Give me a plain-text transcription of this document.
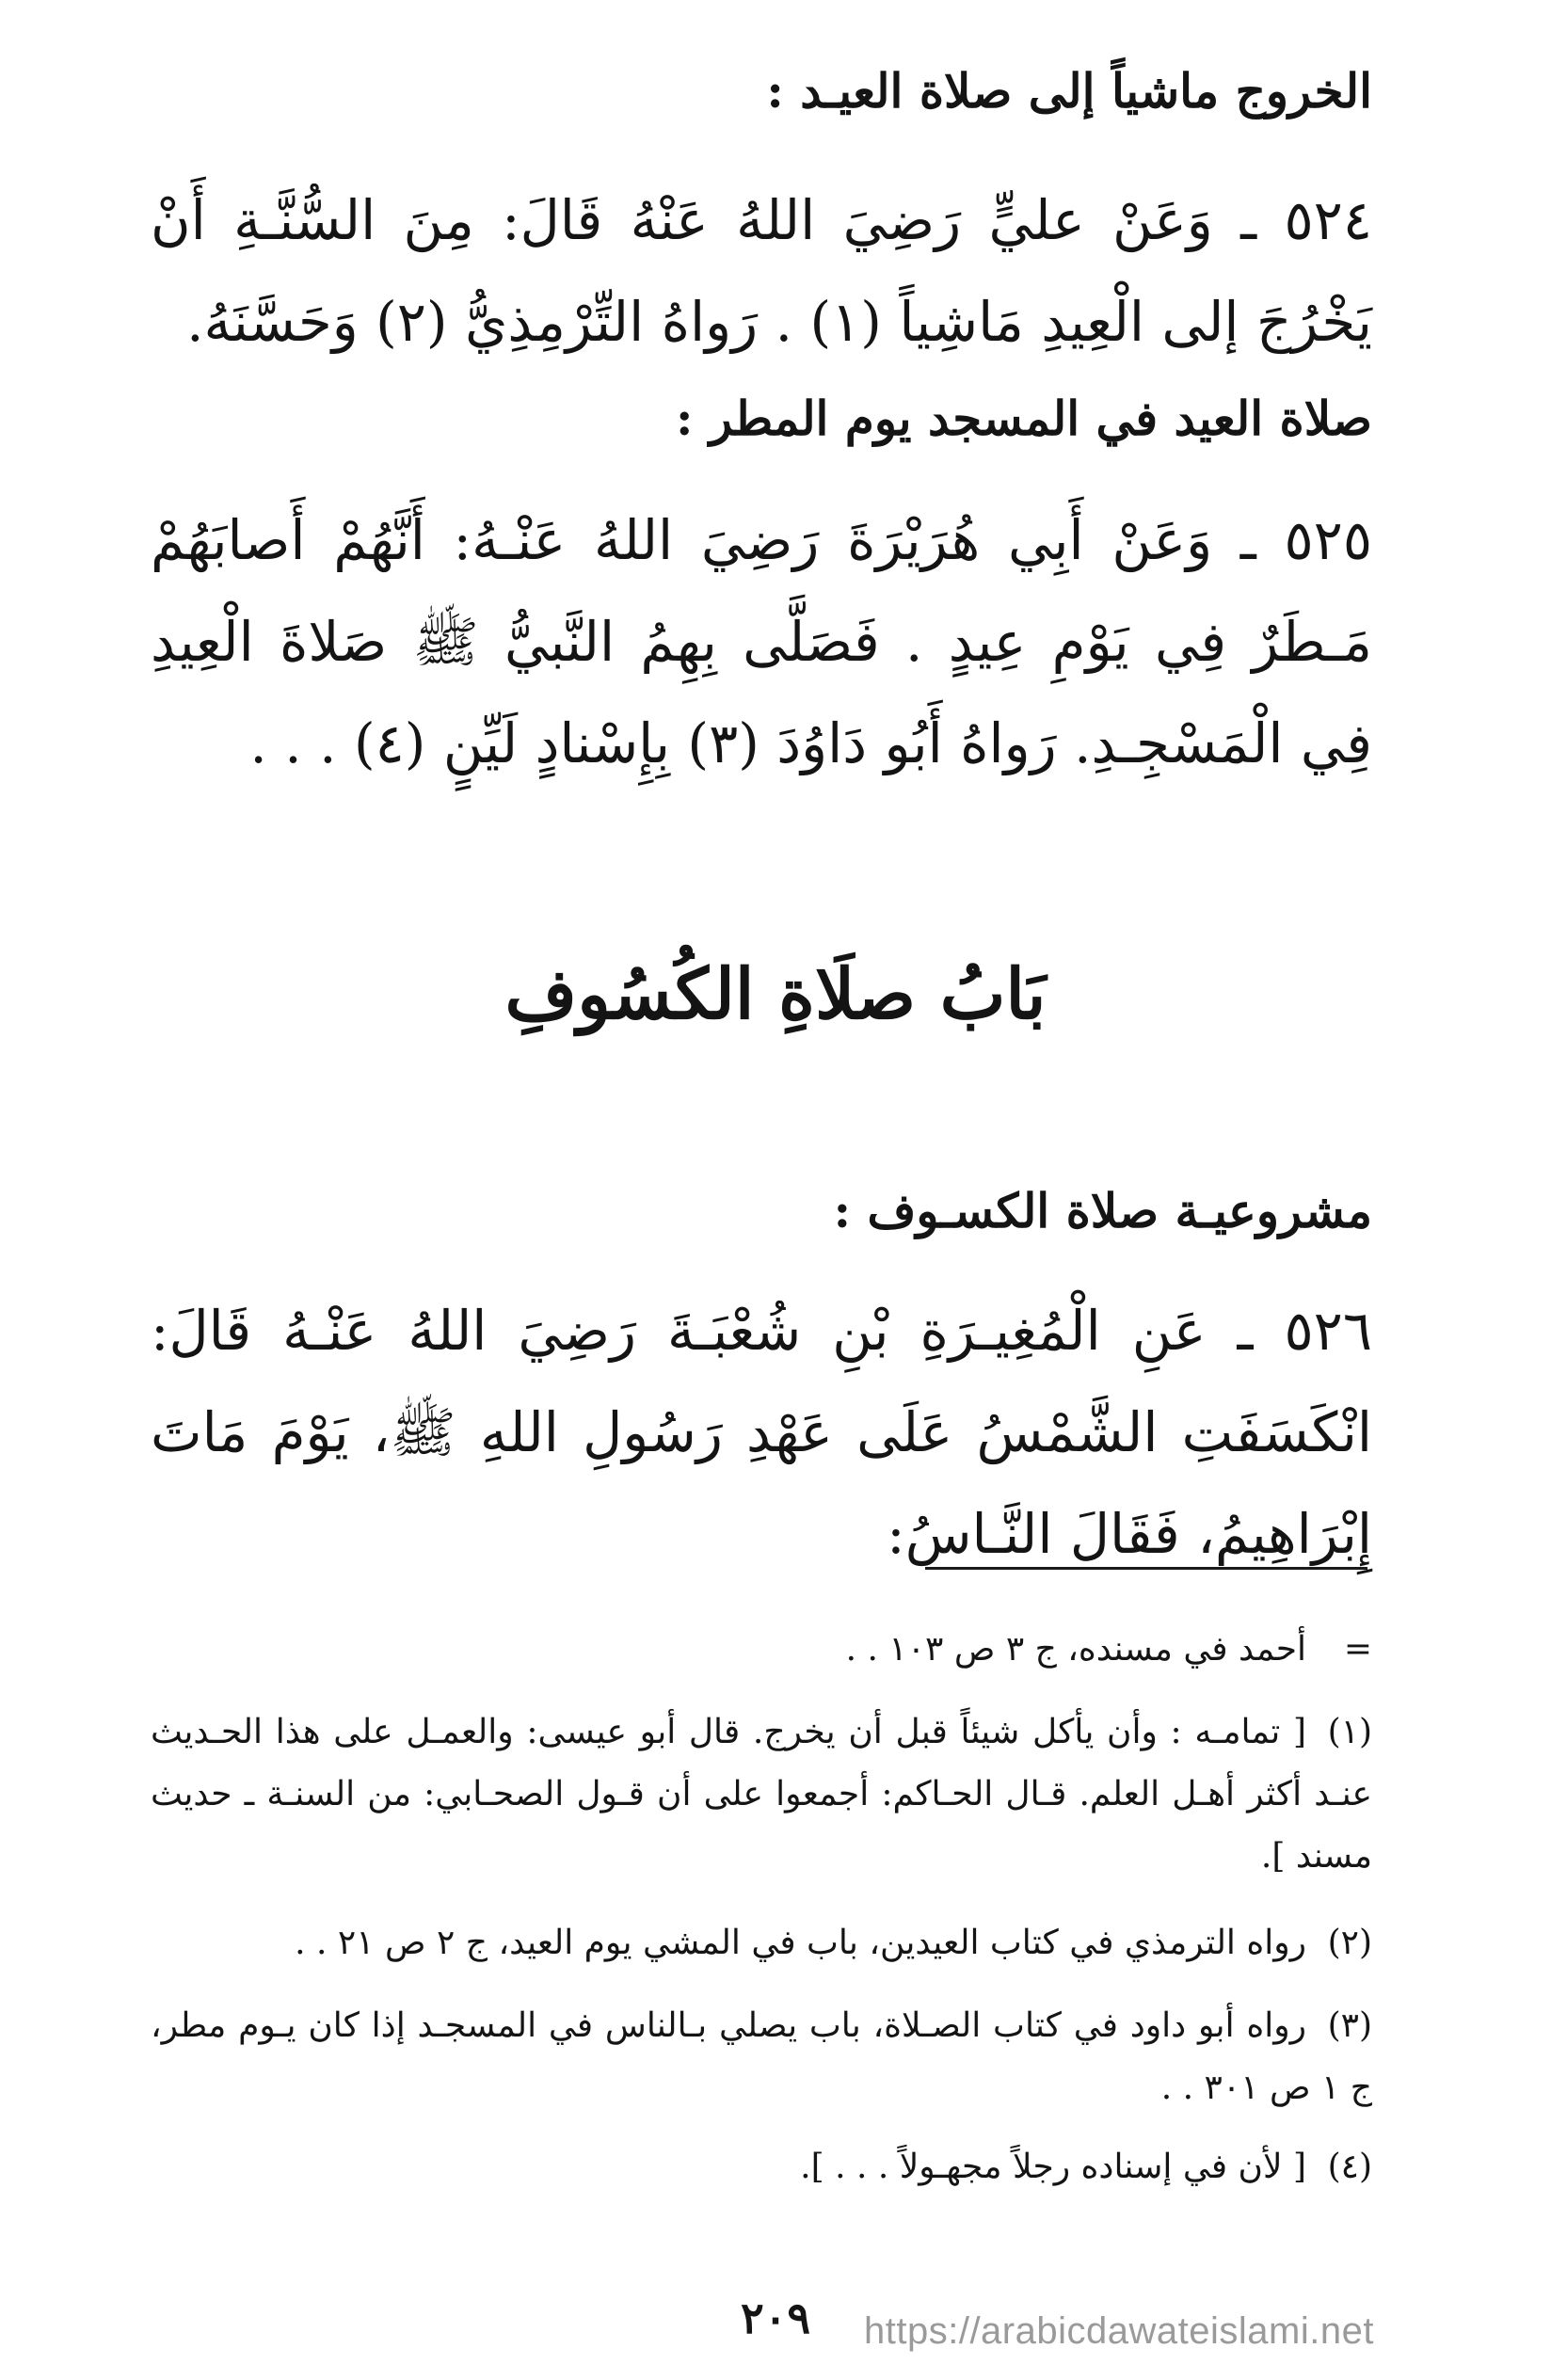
الخروج ماشياً إلى صلاة العيـد :
٥٢٤ ـ وَعَنْ عليٍّ رَضِيَ اللهُ عَنْهُ قَالَ: مِنَ السُّنَّـةِ أَنْ يَخْرُجَ إلى الْعِيدِ مَاشِياً (١) . رَواهُ التِّرْمِذِيُّ (٢) وَحَسَّنَهُ.
صلاة العيد في المسجد يوم المطر :
٥٢٥ ـ وَعَنْ أَبِي هُرَيْرَةَ رَضِيَ اللهُ عَنْـهُ: أَنَّهُمْ أَصابَهُمْ مَـطَرٌ فِي يَوْمِ عِيدٍ . فَصَلَّى بِهِمُ النَّبيُّ ﷺ صَلاةَ الْعِيدِ فِي الْمَسْجِـدِ. رَواهُ أَبُو دَاوُدَ (٣) بِإِسْنادٍ لَيِّنٍ (٤) . . .
بَابُ صلَاةِ الكُسُوفِ
مشروعيـة صلاة الكسـوف :
٥٢٦ ـ عَنِ الْمُغِيـرَةِ بْنِ شُعْبَـةَ رَضِيَ اللهُ عَنْـهُ قَالَ: انْكَسَفَتِ الشَّمْسُ عَلَى عَهْدِ رَسُولِ اللهِ ﷺ، يَوْمَ مَاتَ إِبْرَاهِيمُ، فَقَالَ النَّـاسُ:
=أحمد في مسنده، ج ٣ ص ١٠٣ . .
(١)[ تمامـه : وأن يأكل شيئاً قبل أن يخرج. قال أبو عيسى: والعمـل على هذا الحـديث عنـد أكثر أهـل العلم. قـال الحـاكم: أجمعوا على أن قـول الصحـابي: من السنـة ـ حديث مسند ].
(٢)رواه الترمذي في كتاب العيدين، باب في المشي يوم العيد، ج ٢ ص ٢١ . .
(٣)رواه أبو داود في كتاب الصـلاة، باب يصلي بـالناس في المسجـد إذا كان يـوم مطر، ج ١ ص ٣٠١ . .
(٤)[ لأن في إسناده رجلاً مجهـولاً . . . ].
٢٠٩	https://arabicdawateislami.net
